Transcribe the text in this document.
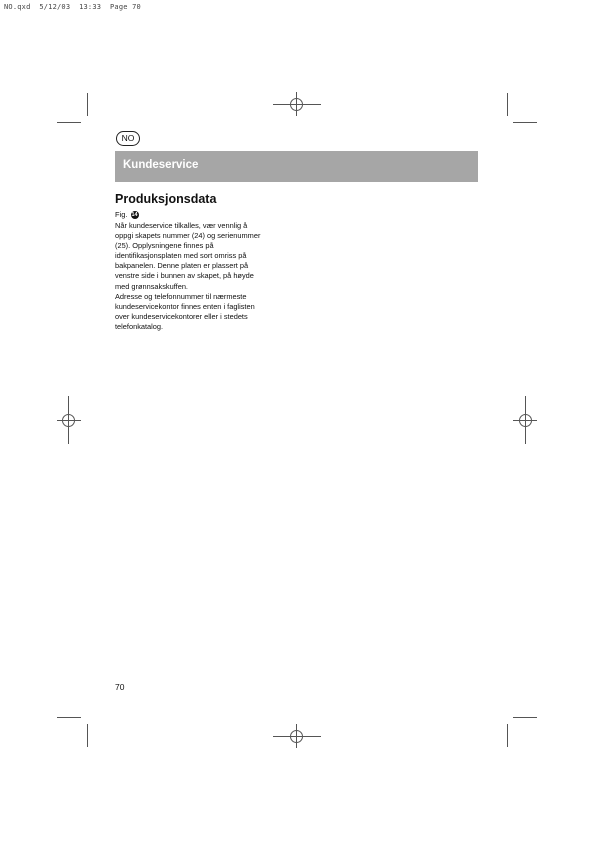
NO.qxd 5/12/03 13:33 Page 70
NO
Kundeservice
Produksjonsdata
Fig. 14

Når kundeservice tilkalles, vær vennlig å
oppgi skapets nummer (24) og serienummer
(25). Opplysningene finnes på
identifikasjonsplaten med sort omriss på
bakpanelen. Denne platen er plassert på
venstre side i bunnen av skapet, på høyde
med grønnsakskuffen.

Adresse og telefonnummer til nærmeste
kundeservicekontor finnes enten i faglisten
over kundeservicekontorer eller i stedets
telefonkatalog.

70
